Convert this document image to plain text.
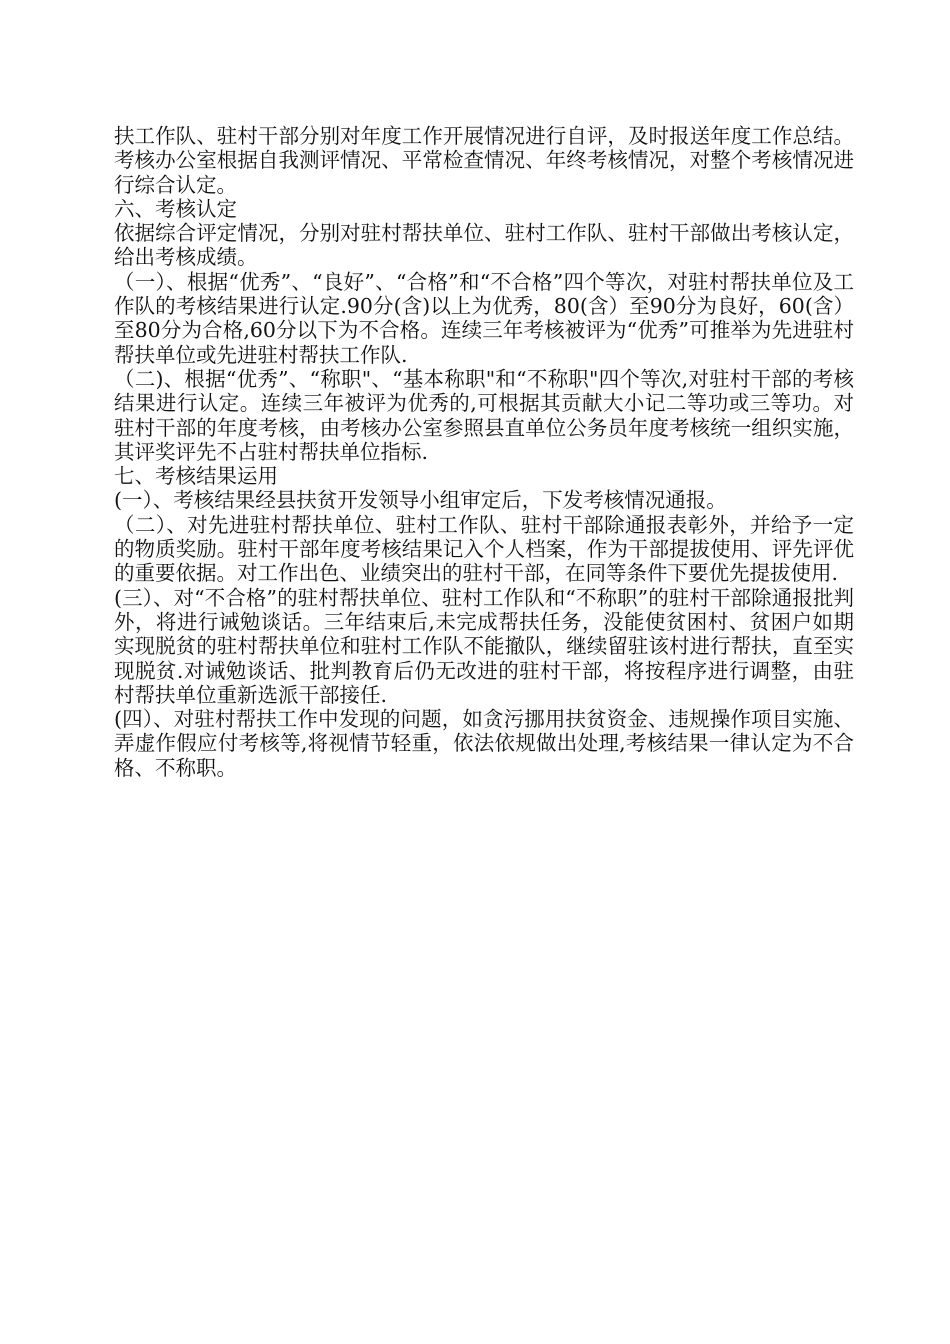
扶工作队、驻村干部分别对年度工作开展情况进行自评，及时报送年度工作总结。考核办公室根据自我测评情况、平常检查情况、年终考核情况，对整个考核情况进行综合认定。

六、考核认定

依据综合评定情况，分别对驻村帮扶单位、驻村工作队、驻村干部做出考核认定，给出考核成绩。

（一）、根据“优秀”、“良好”、“合格”和“不合格”四个等次，对驻村帮扶单位及工作队的考核结果进行认定.90分(含)以上为优秀，80(含）至90分为良好，60(含）至80分为合格,60分以下为不合格。连续三年考核被评为“优秀”可推举为先进驻村帮扶单位或先进驻村帮扶工作队.

（二)、根据“优秀”、“称职"、“基本称职"和“不称职"四个等次,对驻村干部的考核结果进行认定。连续三年被评为优秀的,可根据其贡献大小记二等功或三等功。对驻村干部的年度考核，由考核办公室参照县直单位公务员年度考核统一组织实施，其评奖评先不占驻村帮扶单位指标.

七、考核结果运用

(一）、考核结果经县扶贫开发领导小组审定后，下发考核情况通报。

（二）、对先进驻村帮扶单位、驻村工作队、驻村干部除通报表彰外，并给予一定的物质奖励。驻村干部年度考核结果记入个人档案，作为干部提拔使用、评先评优的重要依据。对工作出色、业绩突出的驻村干部，在同等条件下要优先提拔使用.

(三）、对“不合格”的驻村帮扶单位、驻村工作队和“不称职”的驻村干部除通报批判外，将进行诫勉谈话。三年结束后,未完成帮扶任务，没能使贫困村、贫困户如期实现脱贫的驻村帮扶单位和驻村工作队不能撤队，继续留驻该村进行帮扶，直至实现脱贫.对诫勉谈话、批判教育后仍无改进的驻村干部，将按程序进行调整，由驻村帮扶单位重新选派干部接任.

(四）、对驻村帮扶工作中发现的问题，如贪污挪用扶贫资金、违规操作项目实施、弄虚作假应付考核等,将视情节轻重，依法依规做出处理,考核结果一律认定为不合格、不称职。
